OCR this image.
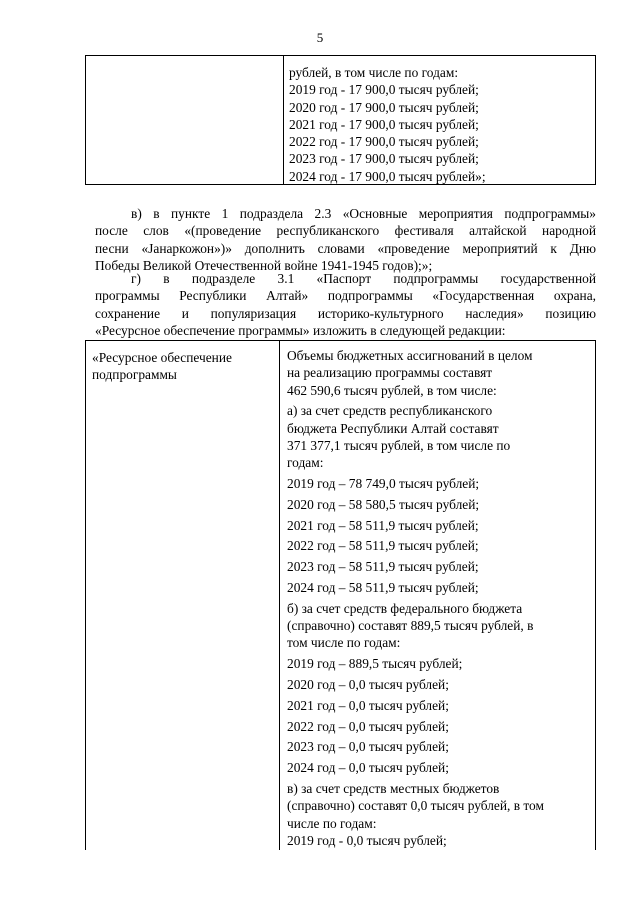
5
рублей, в том числе по годам:
2019 год - 17 900,0 тысяч рублей;
2020 год - 17 900,0 тысяч рублей;
2021 год - 17 900,0 тысяч рублей;
2022 год - 17 900,0 тысяч рублей;
2023 год - 17 900,0 тысяч рублей;
2024 год - 17 900,0 тысяч рублей»;
в) в пункте 1 подраздела 2.3 «Основные мероприятия подпрограммы»
после слов «(проведение республиканского фестиваля алтайской народной
песни «Јанаркожон»)» дополнить словами «проведение мероприятий к Дню
Победы Великой Отечественной войне 1941-1945 годов);»;
г) в подразделе 3.1 «Паспорт подпрограммы государственной
программы Республики Алтай» подпрограммы «Государственная охрана,
сохранение и популяризация историко-культурного наследия» позицию
«Ресурсное обеспечение программы» изложить в следующей редакции:
«Ресурсное обеспечение
подпрограммы
Объемы бюджетных ассигнований в целом
на реализацию программы составят
462 590,6 тысяч рублей, в том числе:
а) за счет средств республиканского
бюджета Республики Алтай составят
371 377,1 тысяч рублей, в том числе по
годам:
2019 год – 78 749,0 тысяч рублей;
2020 год – 58 580,5 тысяч рублей;
2021 год – 58 511,9 тысяч рублей;
2022 год – 58 511,9 тысяч рублей;
2023 год – 58 511,9 тысяч рублей;
2024 год – 58 511,9 тысяч рублей;
б) за счет средств федерального бюджета
(справочно) составят 889,5 тысяч рублей, в
том числе по годам:
2019 год – 889,5 тысяч рублей;
2020 год – 0,0 тысяч рублей;
2021 год – 0,0 тысяч рублей;
2022 год – 0,0 тысяч рублей;
2023 год – 0,0 тысяч рублей;
2024 год – 0,0 тысяч рублей;
в) за счет средств местных бюджетов
(справочно) составят 0,0 тысяч рублей, в том
числе по годам:
2019 год - 0,0 тысяч рублей;
